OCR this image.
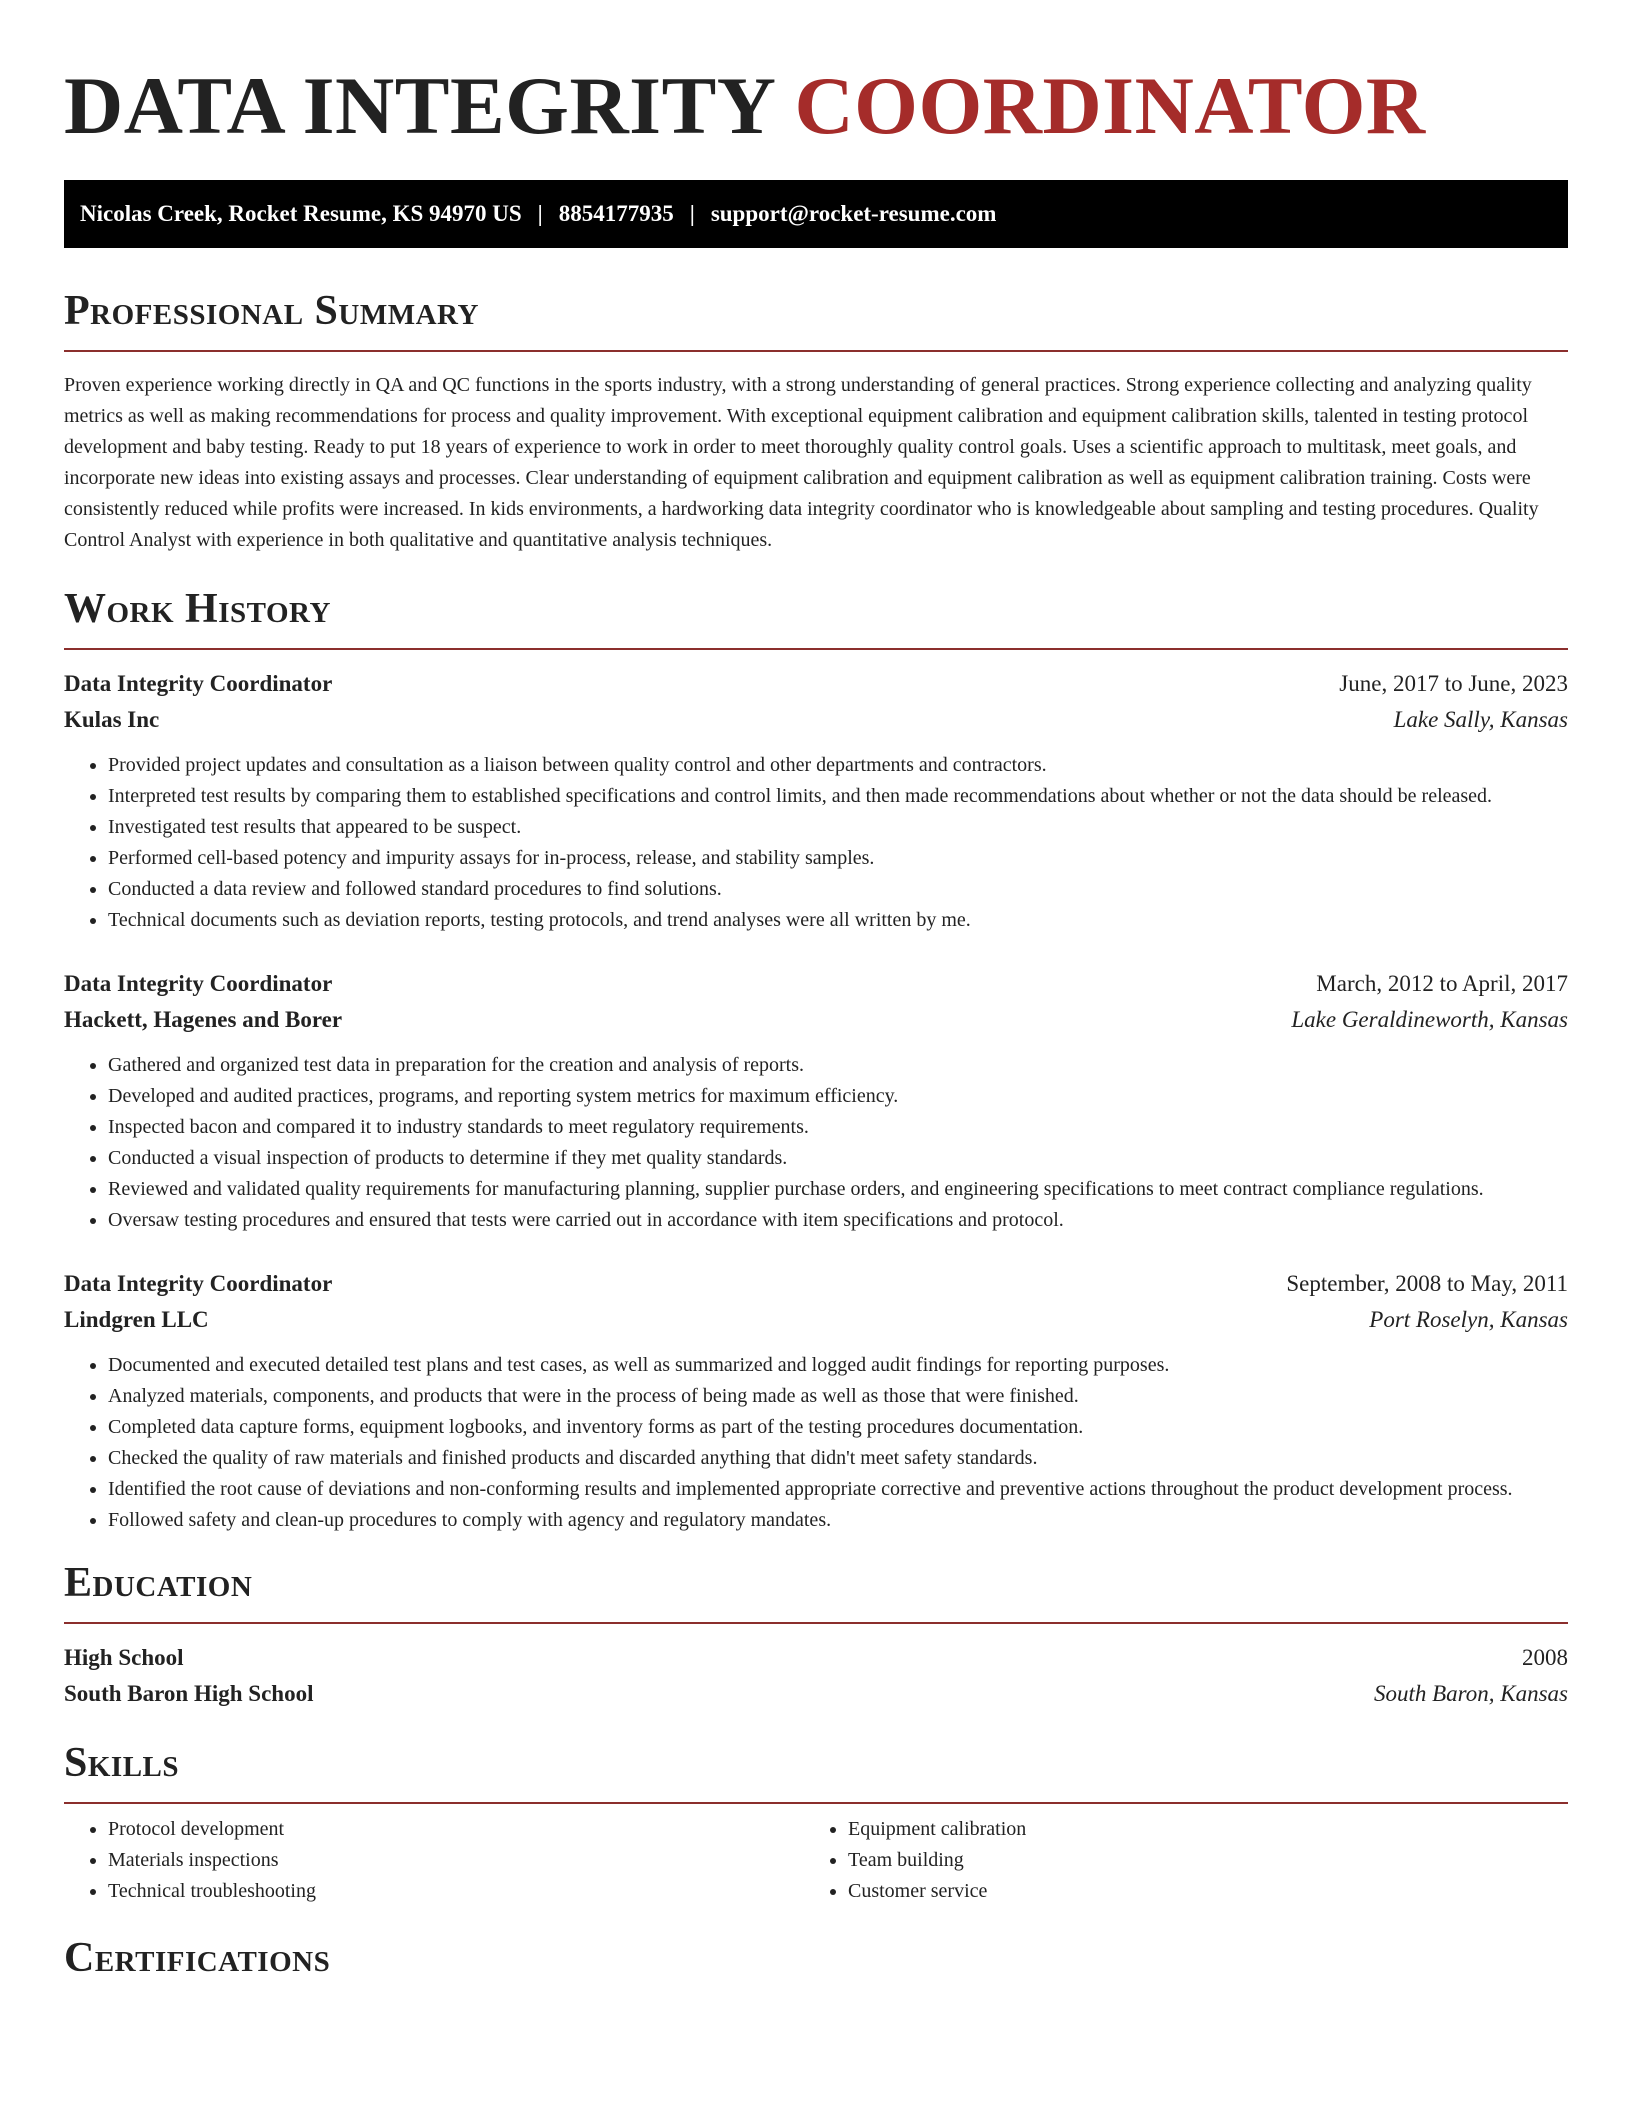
DATA INTEGRITY COORDINATOR
Nicolas Creek, Rocket Resume, KS 94970 US | 8854177935 | support@rocket-resume.com
Professional Summary

Proven experience working directly in QA and QC functions in the sports industry, with a strong understanding of general practices. Strong experience collecting and analyzing quality metrics as well as making recommendations for process and quality improvement. With exceptional equipment calibration and equipment calibration skills, talented in testing protocol development and baby testing. Ready to put 18 years of experience to work in order to meet thoroughly quality control goals. Uses a scientific approach to multitask, meet goals, and incorporate new ideas into existing assays and processes. Clear understanding of equipment calibration and equipment calibration as well as equipment calibration training. Costs were consistently reduced while profits were increased. In kids environments, a hardworking data integrity coordinator who is knowledgeable about sampling and testing procedures. Quality Control Analyst with experience in both qualitative and quantitative analysis techniques.

Work History
Data Integrity Coordinator	June, 2017 to June, 2023
Kulas Inc	Lake Sally, Kansas
• Provided project updates and consultation as a liaison between quality control and other departments and contractors.
• Interpreted test results by comparing them to established specifications and control limits, and then made recommendations about whether or not the data should be released.
• Investigated test results that appeared to be suspect.
• Performed cell-based potency and impurity assays for in-process, release, and stability samples.
• Conducted a data review and followed standard procedures to find solutions.
• Technical documents such as deviation reports, testing protocols, and trend analyses were all written by me.
Data Integrity Coordinator	March, 2012 to April, 2017
Hackett, Hagenes and Borer	Lake Geraldineworth, Kansas
• Gathered and organized test data in preparation for the creation and analysis of reports.
• Developed and audited practices, programs, and reporting system metrics for maximum efficiency.
• Inspected bacon and compared it to industry standards to meet regulatory requirements.
• Conducted a visual inspection of products to determine if they met quality standards.
• Reviewed and validated quality requirements for manufacturing planning, supplier purchase orders, and engineering specifications to meet contract compliance regulations.
• Oversaw testing procedures and ensured that tests were carried out in accordance with item specifications and protocol.
Data Integrity Coordinator	September, 2008 to May, 2011
Lindgren LLC	Port Roselyn, Kansas
• Documented and executed detailed test plans and test cases, as well as summarized and logged audit findings for reporting purposes.
• Analyzed materials, components, and products that were in the process of being made as well as those that were finished.
• Completed data capture forms, equipment logbooks, and inventory forms as part of the testing procedures documentation.
• Checked the quality of raw materials and finished products and discarded anything that didn't meet safety standards.
• Identified the root cause of deviations and non-conforming results and implemented appropriate corrective and preventive actions throughout the product development process.
• Followed safety and clean-up procedures to comply with agency and regulatory mandates.
Education
High School	2008
South Baron High School	South Baron, Kansas
Skills
• Protocol development
• Materials inspections
• Technical troubleshooting
• Equipment calibration
• Team building
• Customer service
Certifications
